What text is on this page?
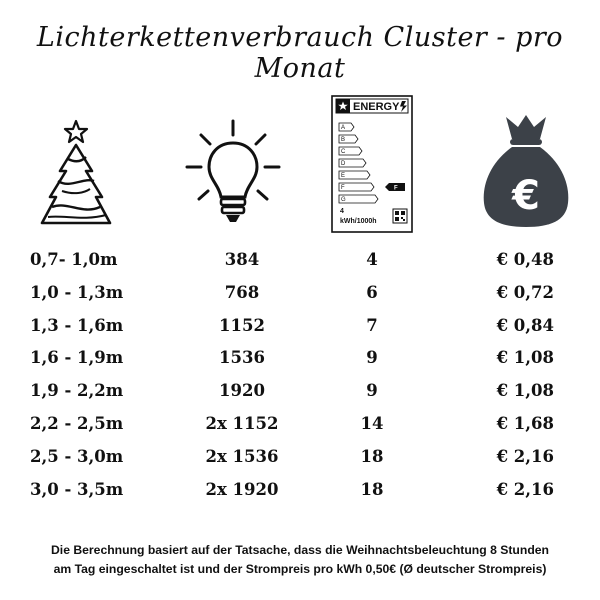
Lichterkettenverbrauch Cluster - pro Monat
ENERGY
A
B
C
D
E
F
G
F
4
kWh/1000h
€
0,7- 1,0m	384	4	€ 0,48
1,0 - 1,3m	768	6	€ 0,72
1,3 - 1,6m	1152	7	€ 0,84
1,6 - 1,9m	1536	9	€ 1,08
1,9 - 2,2m	1920	9	€ 1,08
2,2 - 2,5m	2x 1152	14	€ 1,68
2,5 - 3,0m	2x 1536	18	€ 2,16
3,0 - 3,5m	2x 1920	18	€ 2,16
Die Berechnung basiert auf der Tatsache, dass die Weihnachtsbeleuchtung 8 Stunden
am Tag eingeschaltet ist und der Strompreis pro kWh 0,50€ (Ø deutscher Strompreis)
